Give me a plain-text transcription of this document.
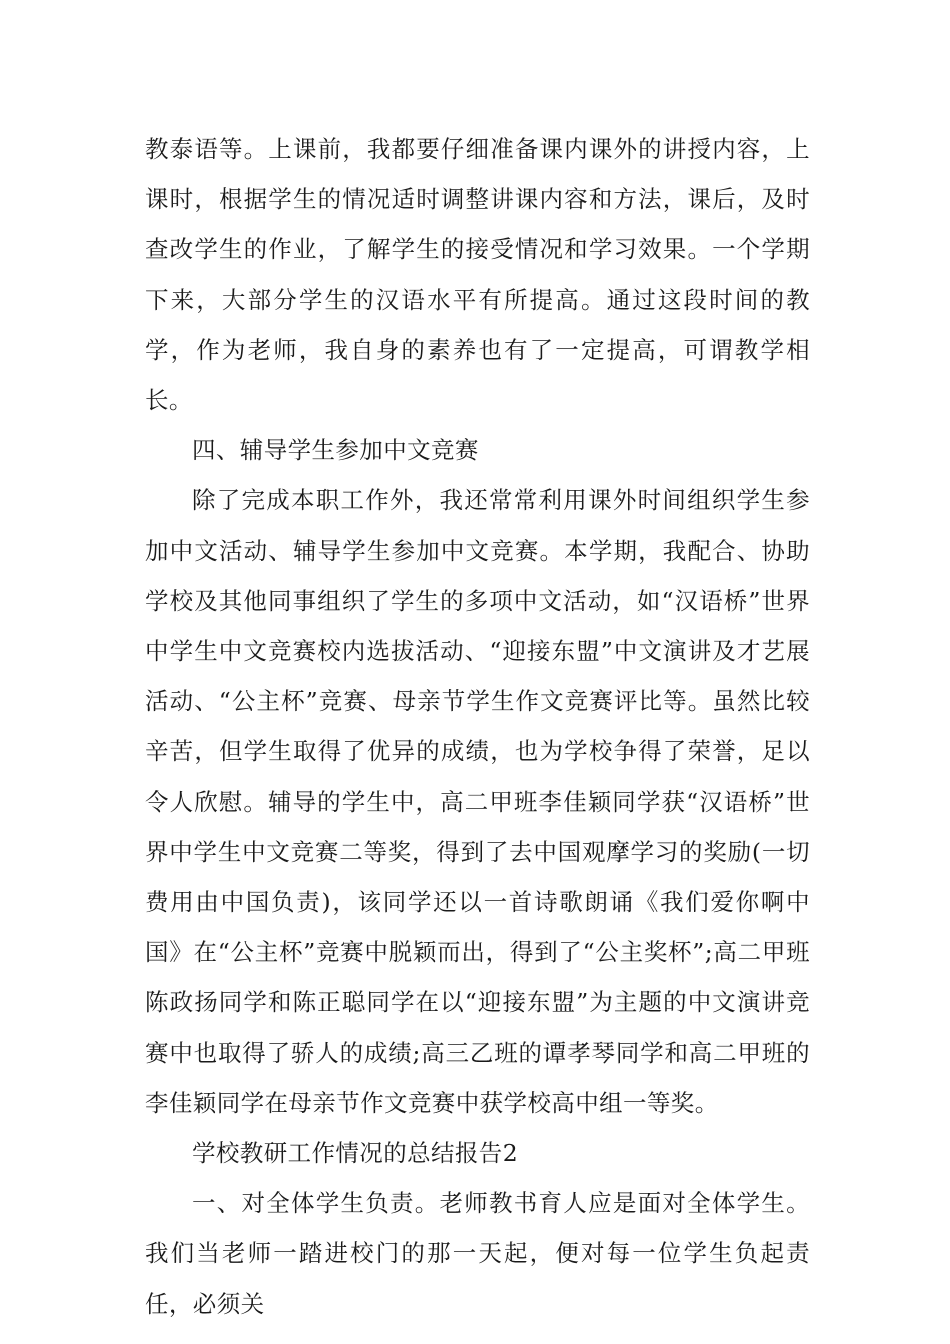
教泰语等。上课前，我都要仔细准备课内课外的讲授内容，上课时，根据学生的情况适时调整讲课内容和方法，课后，及时查改学生的作业，了解学生的接受情况和学习效果。一个学期下来，大部分学生的汉语水平有所提高。通过这段时间的教学，作为老师，我自身的素养也有了一定提高，可谓教学相长。

四、辅导学生参加中文竞赛

除了完成本职工作外，我还常常利用课外时间组织学生参加中文活动、辅导学生参加中文竞赛。本学期，我配合、协助学校及其他同事组织了学生的多项中文活动，如“汉语桥”世界中学生中文竞赛校内选拔活动、“迎接东盟”中文演讲及才艺展活动、“公主杯”竞赛、母亲节学生作文竞赛评比等。虽然比较辛苦，但学生取得了优异的成绩，也为学校争得了荣誉，足以令人欣慰。辅导的学生中，高二甲班李佳颖同学获“汉语桥”世界中学生中文竞赛二等奖，得到了去中国观摩学习的奖励(一切费用由中国负责)，该同学还以一首诗歌朗诵《我们爱你啊中国》在“公主杯”竞赛中脱颖而出，得到了“公主奖杯”;高二甲班陈政扬同学和陈正聪同学在以“迎接东盟”为主题的中文演讲竞赛中也取得了骄人的成绩;高三乙班的谭孝琴同学和高二甲班的李佳颖同学在母亲节作文竞赛中获学校高中组一等奖。

学校教研工作情况的总结报告2

一、对全体学生负责。老师教书育人应是面对全体学生。我们当老师一踏进校门的那一天起，便对每一位学生负起责任，必须关
